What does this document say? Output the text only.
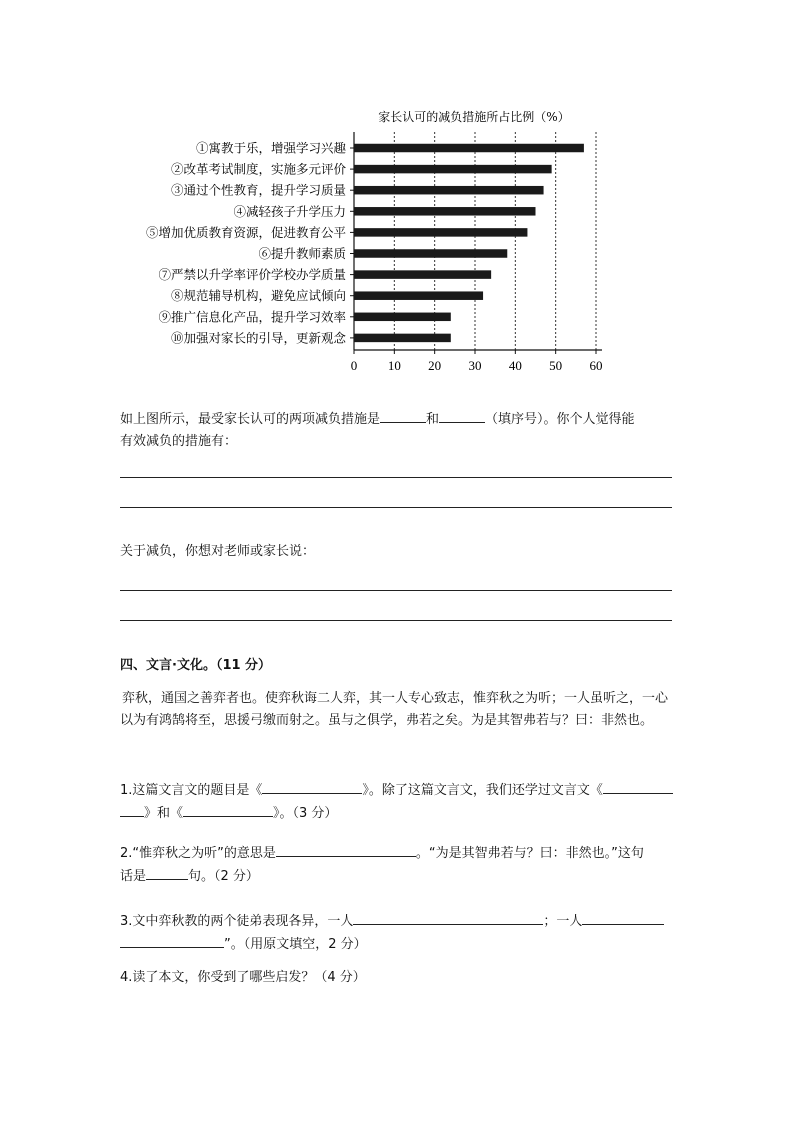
家长认可的减负措施所占比例（%）
0 10 20 30 40 50 60
①寓教于乐，增强学习兴趣
②改革考试制度，实施多元评价
③通过个性教育，提升学习质量
④减轻孩子升学压力
⑤增加优质教育资源，促进教育公平
⑥提升教师素质
⑦严禁以升学率评价学校办学质量
⑧规范辅导机构，避免应试倾向
⑨推广信息化产品，提升学习效率
⑩加强对家长的引导，更新观念
如上图所示，最受家长认可的两项减负措施是	和	（填序号）。你个人觉得能
有效减负的措施有：
关于减负，你想对老师或家长说：
四、文言·文化。（11 分）
弈秋，通国之善弈者也。使弈秋诲二人弈，其一人专心致志，惟弈秋之为听；一人虽听之，一心以为有鸿鹄将至，思援弓缴而射之。虽与之俱学，弗若之矣。为是其智弗若与？曰：非然也。
1.这篇文言文的题目是《	》。除了这篇文言文，我们还学过文言文《
》和《	》。（3 分）
2.“惟弈秋之为听”的意思是	。“为是其智弗若与？曰：非然也。”这句
话是	句。（2 分）
3.文中弈秋教的两个徒弟表现各异，一人	；一人
”。（用原文填空，2 分）
4.读了本文，你受到了哪些启发？（4 分）
